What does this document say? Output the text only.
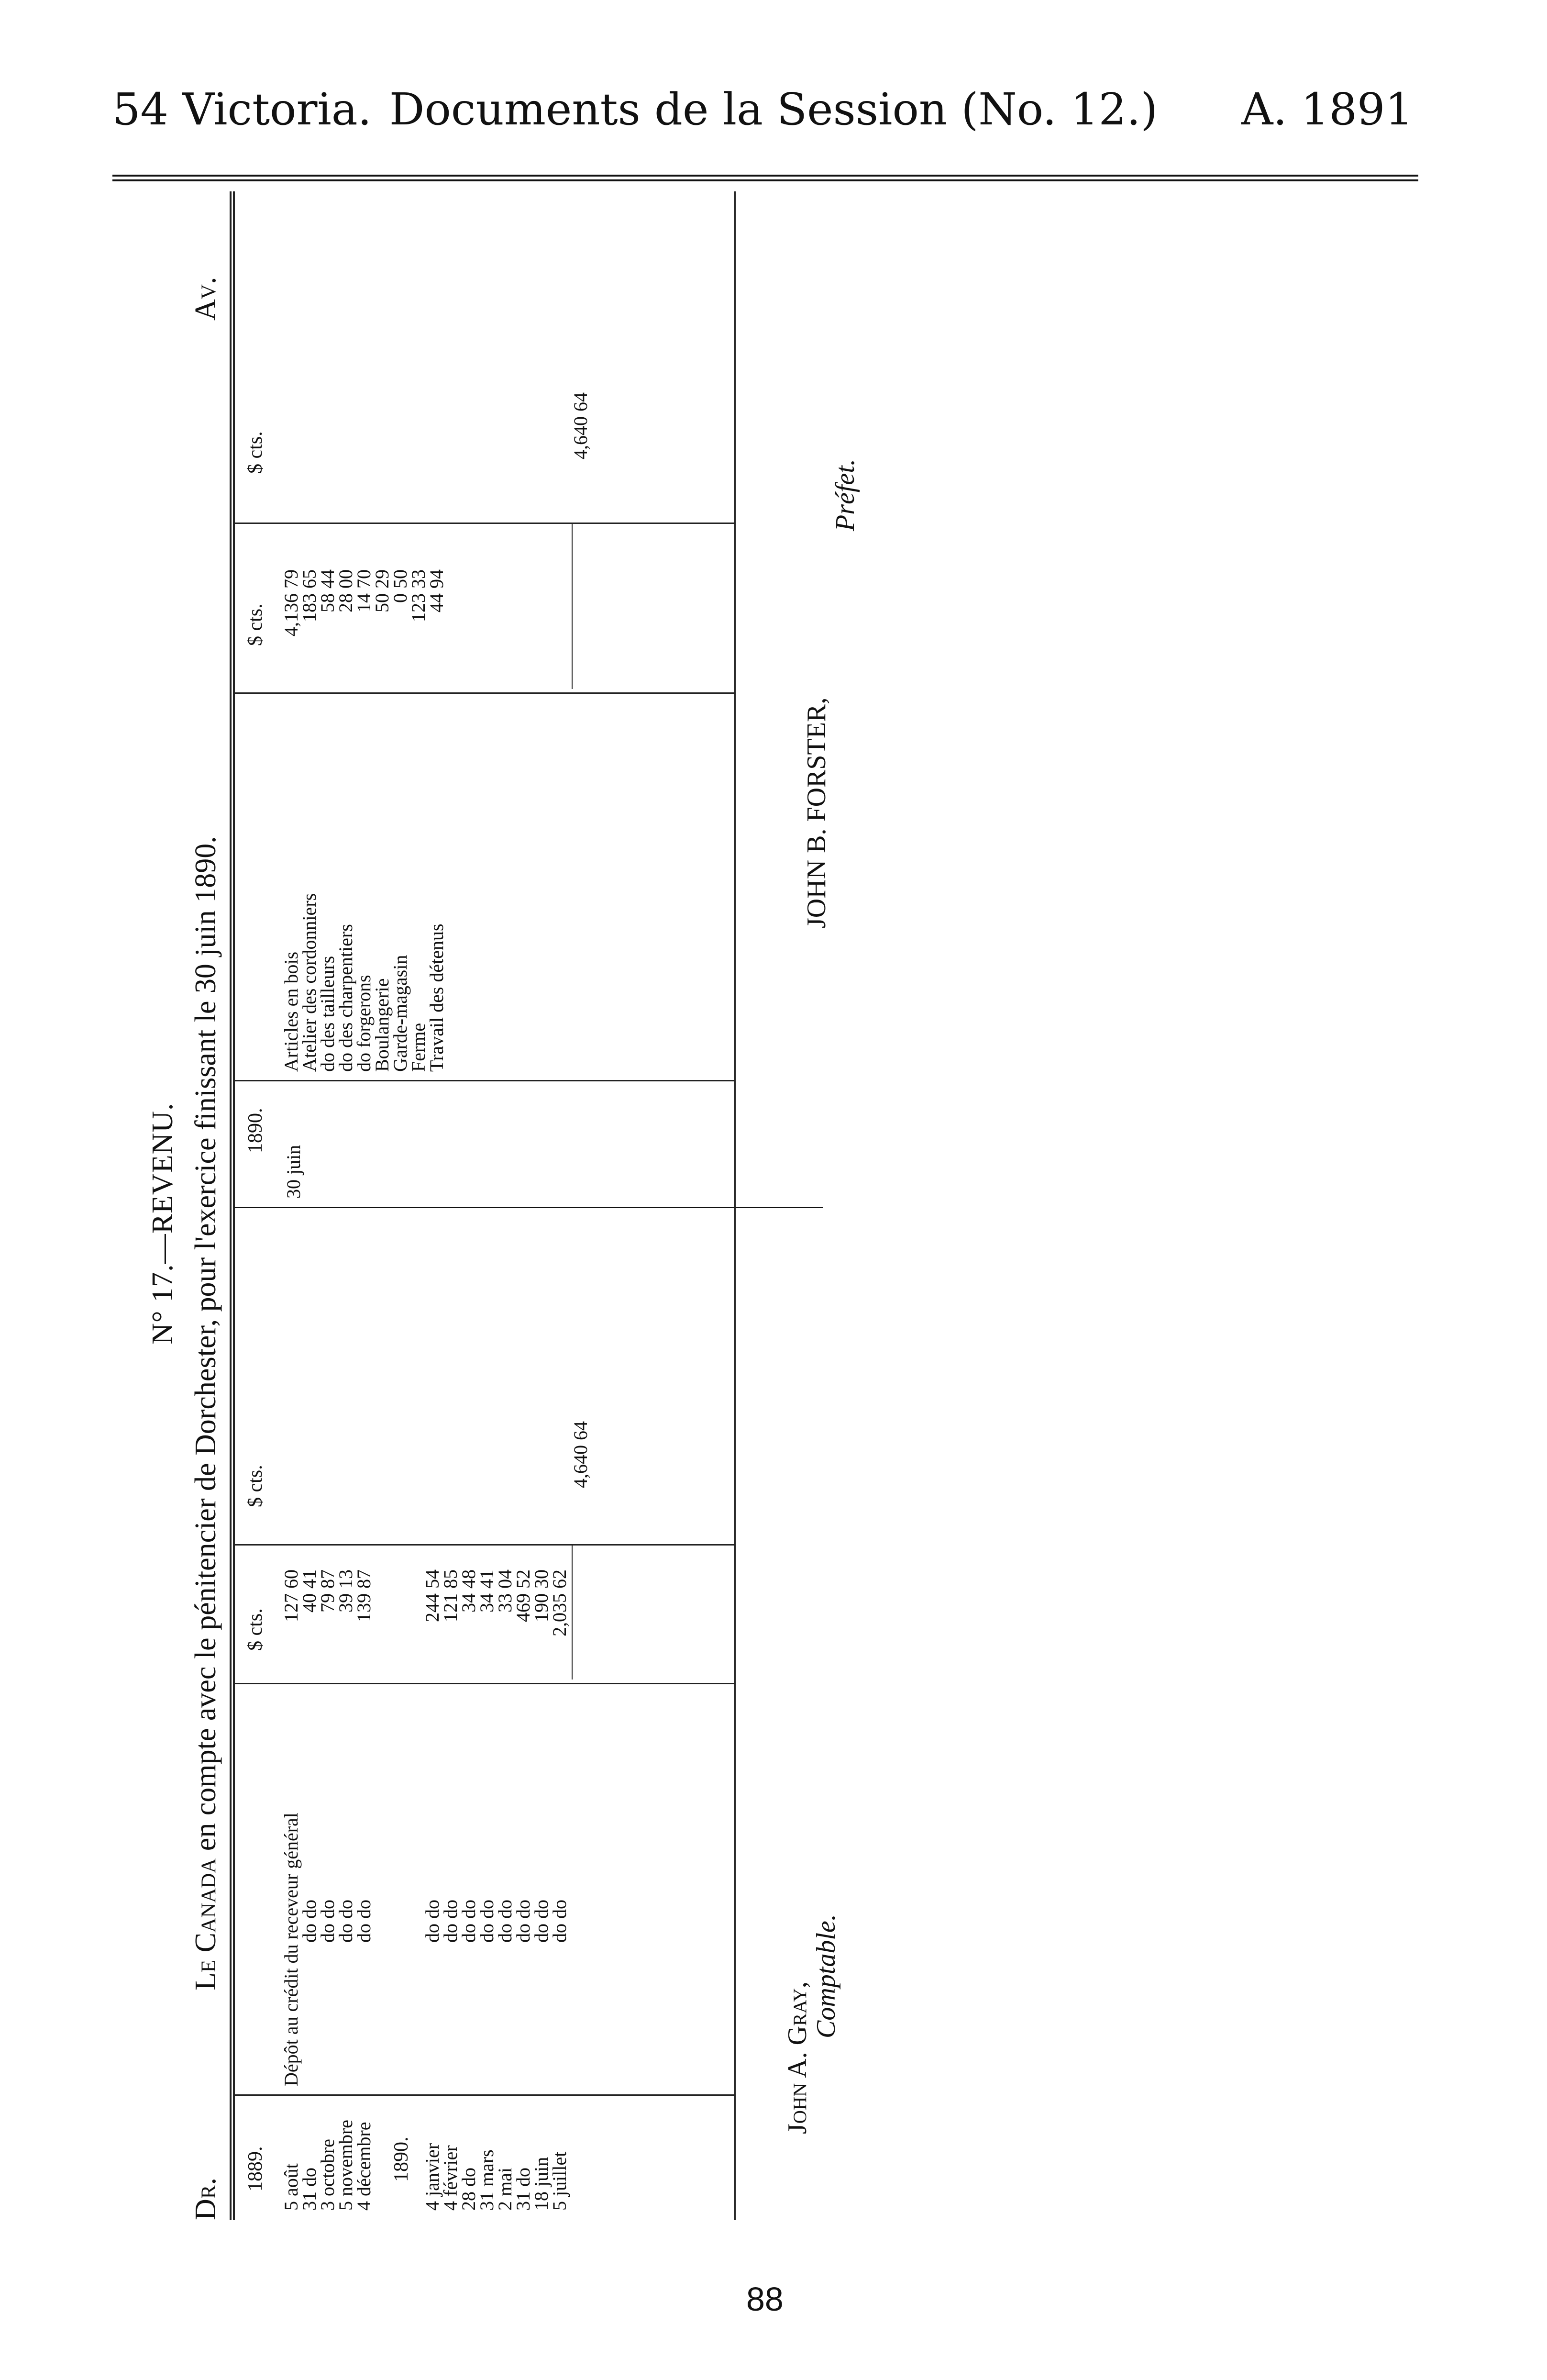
54 Victoria. Documents de la Session (No. 12.)	A. 1891
N° 17.—REVENU.
Dr.
Le Canada en compte avec le pénitencier de Dorchester, pour l'exercice finissant le 30 juin 1890.
Av.
1889.
$ cts.
$ cts.
1890.
$ cts.
$ cts.
5 août
Dépôt au crédit du receveur général
127 60
31 do
do do
40 41
3 octobre
do do
79 87
5 novembre
do do
39 13
4 décembre
do do
139 87
1890. 4 janvier
do do
244 54
4 février
do do
121 85
28 do
do do
34 48
31 mars
do do
34 41
2 mai
do do
33 04
31 do
do do
469 52
18 juin
do do
190 30
5 juillet
do do
2,035 62
4,640 64
30 juin
Articles en bois
4,136 79
Atelier des cordonniers
183 65
do des tailleurs
58 44
do des charpentiers
28 00
do forgerons
14 70
Boulangerie
50 29
Garde-magasin
0 50
Ferme
123 33
Travail des détenus
44 94
4,640 64
John A. Gray,
Comptable.
JOHN B. FORSTER,
Préfet.
88
